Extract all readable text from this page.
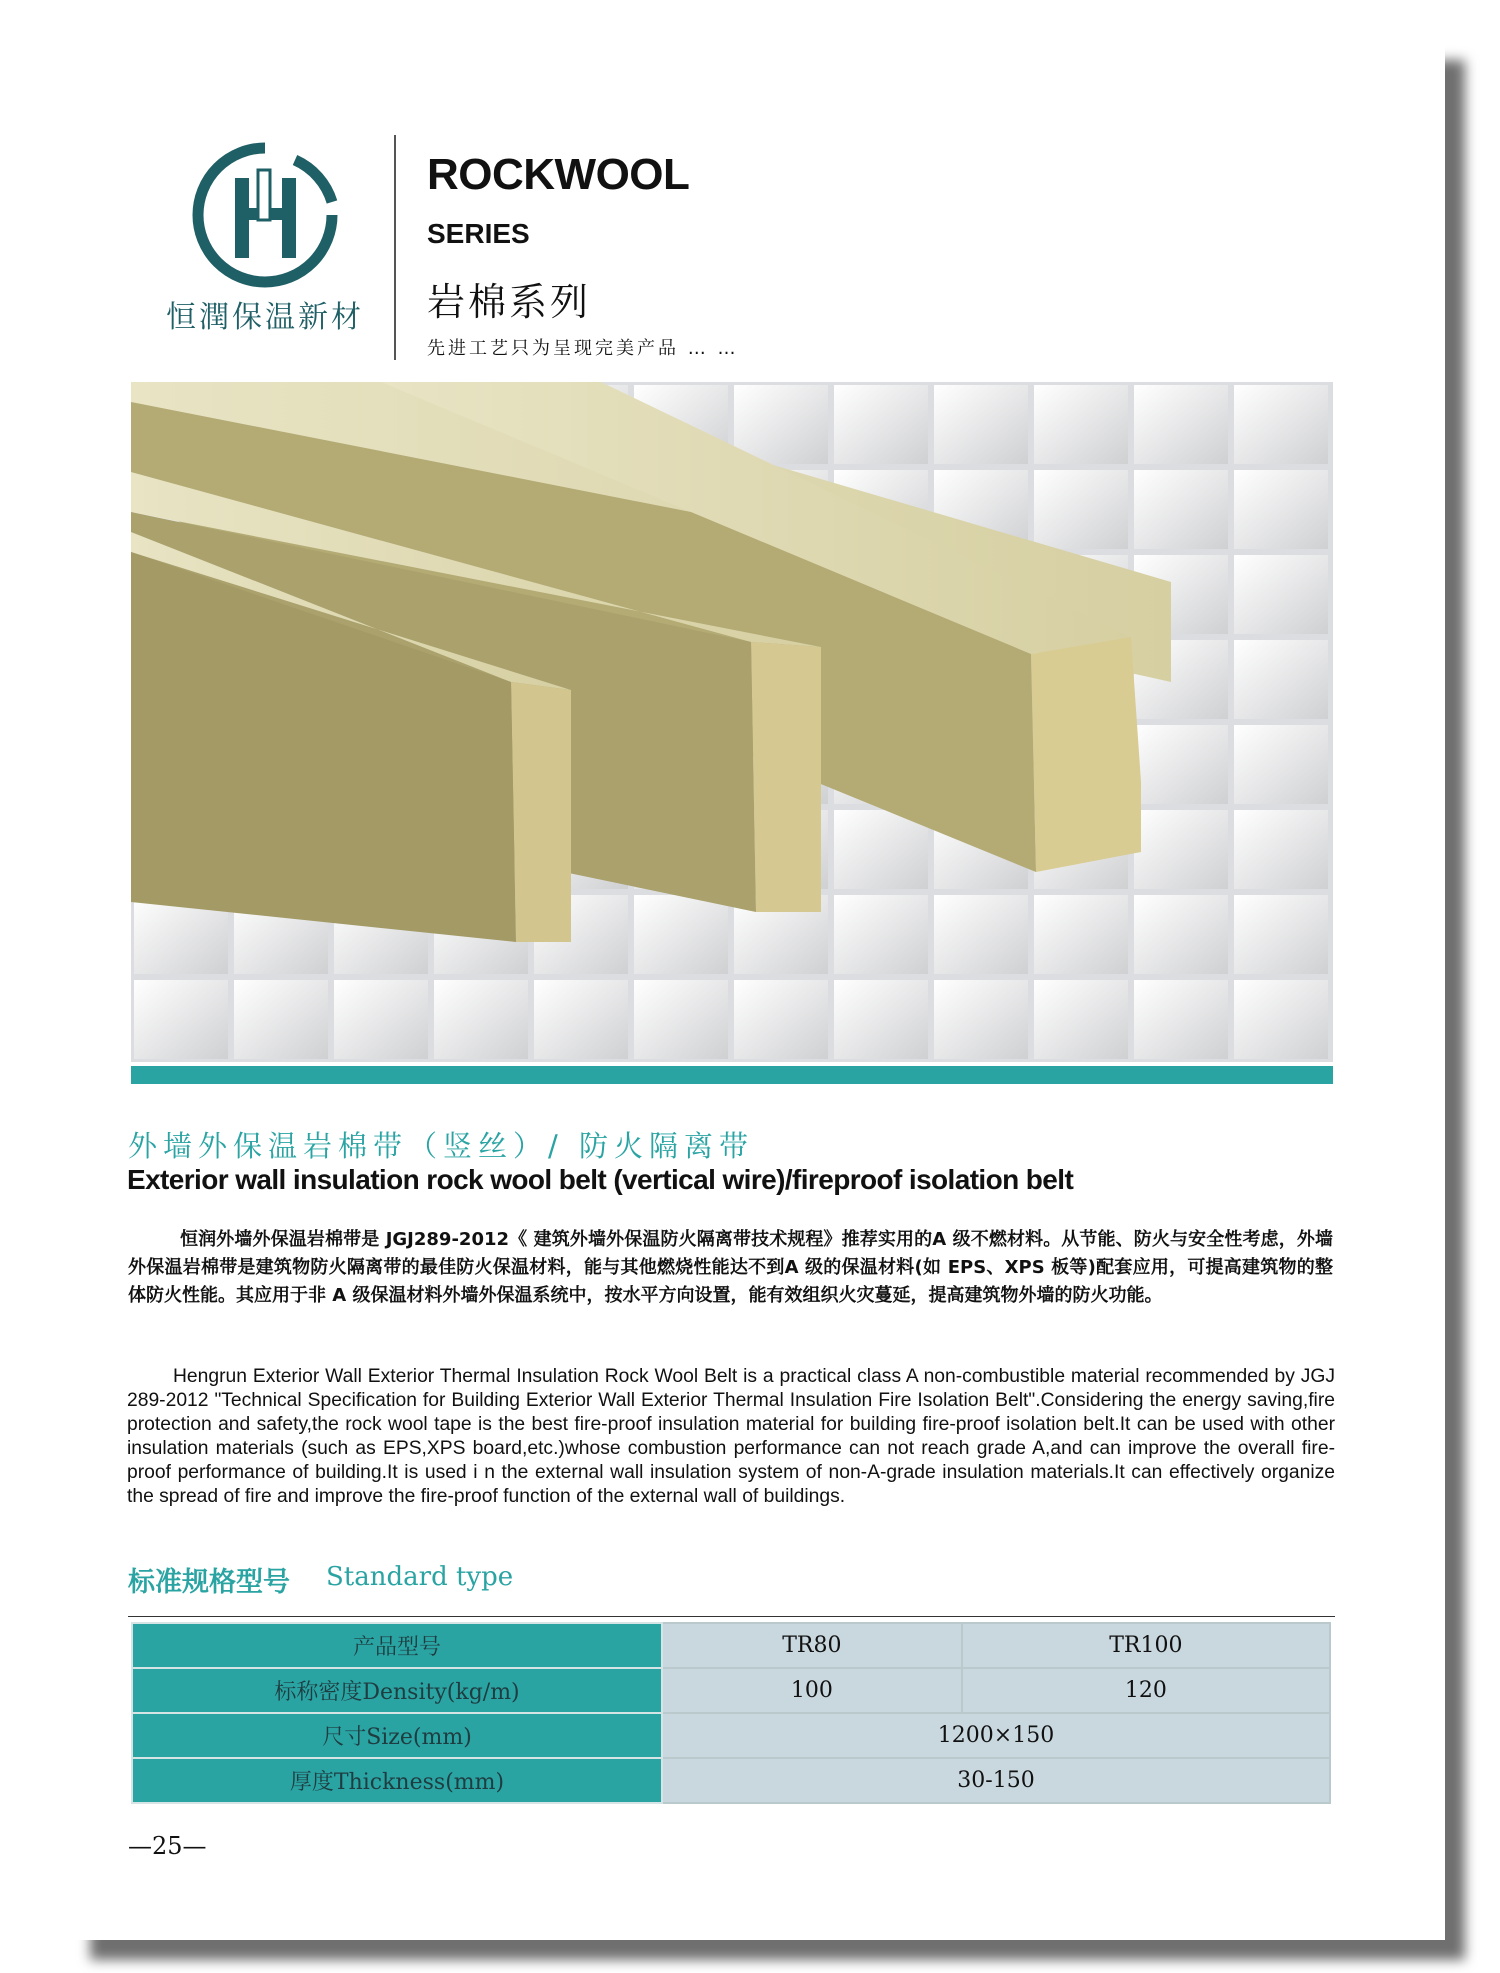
恒潤保温新材
ROCKWOOL
SERIES
岩棉系列
先进工艺只为呈现完美产品 … …
外墙外保温岩棉带（竖丝）/ 防火隔离带
Exterior wall insulation rock wool belt (vertical wire)/fireproof isolation belt
恒润外墙外保温岩棉带是 JGJ289-2012《 建筑外墙外保温防火隔离带技术规程》推荐实用的A 级不燃材料。从节能、防火与安全性考虑，外墙外保温岩棉带是建筑物防火隔离带的最佳防火保温材料，能与其他燃烧性能达不到A 级的保温材料(如 EPS、XPS 板等)配套应用，可提高建筑物的整体防火性能。其应用于非 A 级保温材料外墙外保温系统中，按水平方向设置，能有效组织火灾蔓延，提高建筑物外墙的防火功能。
Hengrun Exterior Wall Exterior Thermal Insulation Rock Wool Belt is a practical class A non-combustible material recommended by JGJ 289-2012 "Technical Specification for Building Exterior Wall Exterior Thermal Insulation Fire Isolation Belt".Considering the energy saving,fire protection and safety,the rock wool tape is the best fire-proof insulation material for building fire-proof isolation belt.It can be used with other insulation materials (such as EPS,XPS board,etc.)whose combustion performance can not reach grade A,and can improve the overall fire-proof performance of building.It is used i n the external wall insulation system of non-A-grade insulation materials.It can effectively organize the spread of fire and improve the fire-proof function of the external wall of buildings.
标准规格型号 Standard type
产品型号	TR80	TR100
标称密度Density(kg/m)	100	120
尺寸Size(mm)	1200×150	
厚度Thickness(mm)	30-150	
—25—
